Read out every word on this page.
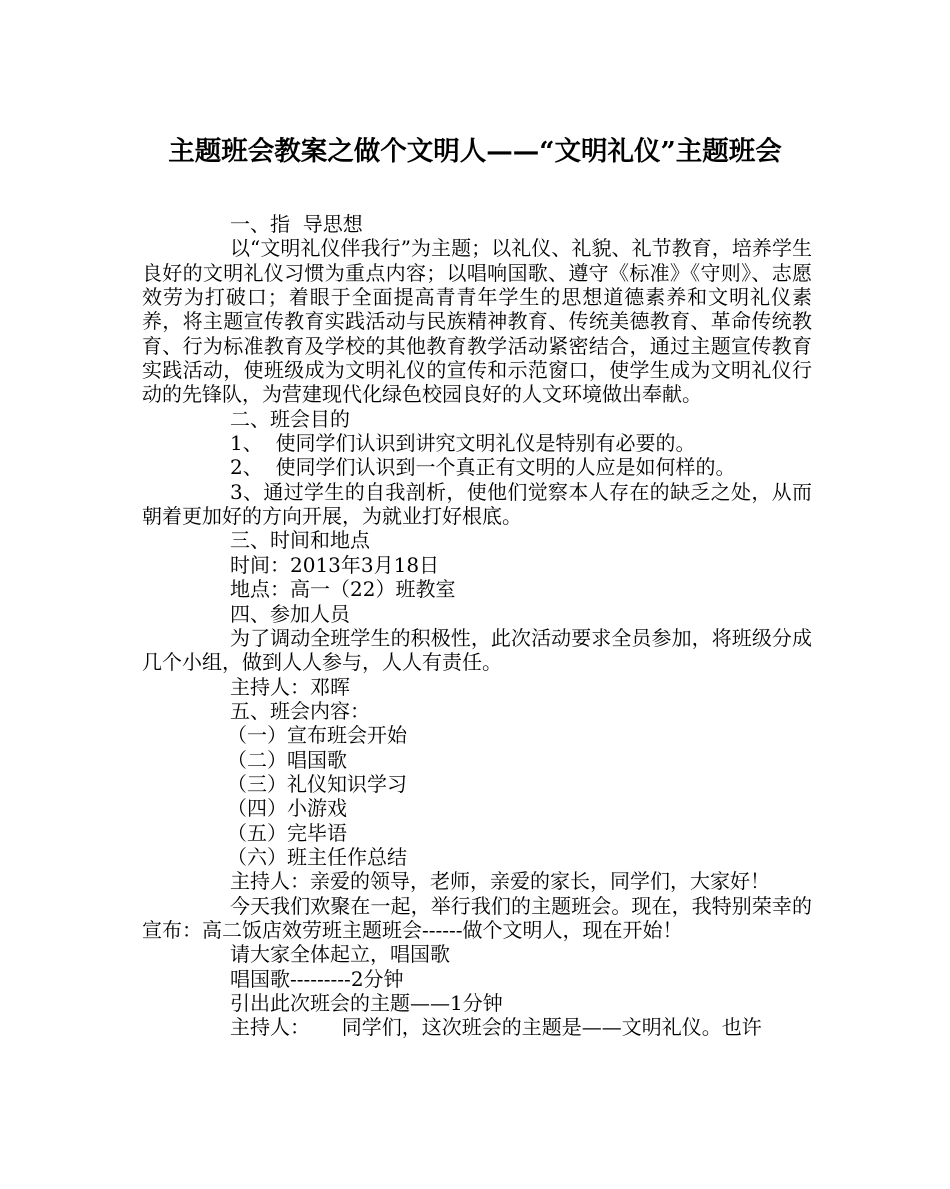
主题班会教案之做个文明人——“文明礼仪”主题班会

一、指  导思想

以“文明礼仪伴我行”为主题；以礼仪、礼貌、礼节教育，培养学生良好的文明礼仪习惯为重点内容；以唱响国歌、遵守《标准》《守则》、志愿效劳为打破口；着眼于全面提高青青年学生的思想道德素养和文明礼仪素养，将主题宣传教育实践活动与民族精神教育、传统美德教育、革命传统教育、行为标准教育及学校的其他教育教学活动紧密结合，通过主题宣传教育实践活动，使班级成为文明礼仪的宣传和示范窗口，使学生成为文明礼仪行动的先锋队，为营建现代化绿色校园良好的人文环境做出奉献。

二、班会目的

1、  使同学们认识到讲究文明礼仪是特别有必要的。

2、  使同学们认识到一个真正有文明的人应是如何样的。

3、通过学生的自我剖析，使他们觉察本人存在的缺乏之处，从而朝着更加好的方向开展，为就业打好根底。

三、时间和地点

时间：2013年3月18日

地点：高一（22）班教室

四、参加人员

为了调动全班学生的积极性，此次活动要求全员参加，将班级分成几个小组，做到人人参与，人人有责任。

主持人：邓晖

五、班会内容：

（一）宣布班会开始

（二）唱国歌

（三）礼仪知识学习

（四）小游戏

（五）完毕语

（六）班主任作总结

主持人：亲爱的领导，老师，亲爱的家长，同学们，大家好！

今天我们欢聚在一起，举行我们的主题班会。现在，我特别荣幸的宣布：高二饭店效劳班主题班会------做个文明人，现在开始！

请大家全体起立，唱国歌

唱国歌---------2分钟

引出此次班会的主题——1分钟

主持人：     同学们，这次班会的主题是——文明礼仪。也许
